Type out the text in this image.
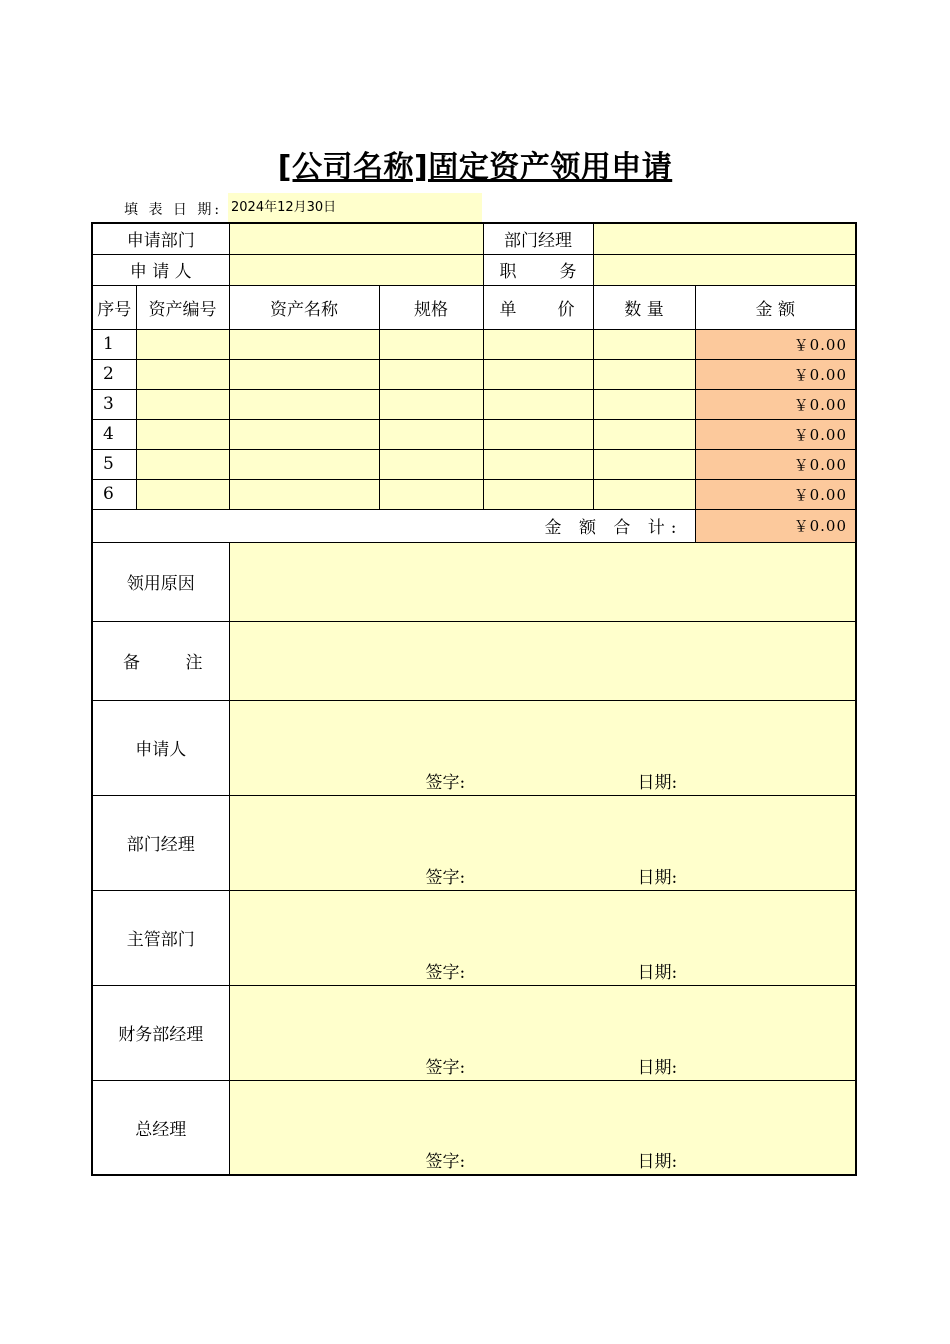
[公司名称]固定资产领用申请
填 表 日 期: 2024年12月30日
申请部门				部门经理		
申 请 人				职 务		

序号	资产编号	资产名称	规格	单 价	数 量	金 额
1						￥0.00
2						￥0.00
3						￥0.00
4						￥0.00
5						￥0.00
6						￥0.00
金 额 合 计:						￥0.00
领用原因						

备 注						

申请人		签字: 日期:				

部门经理		签字: 日期:				

主管部门		签字: 日期:				

财务部经理		签字: 日期:				

总经理		签字: 日期:				
